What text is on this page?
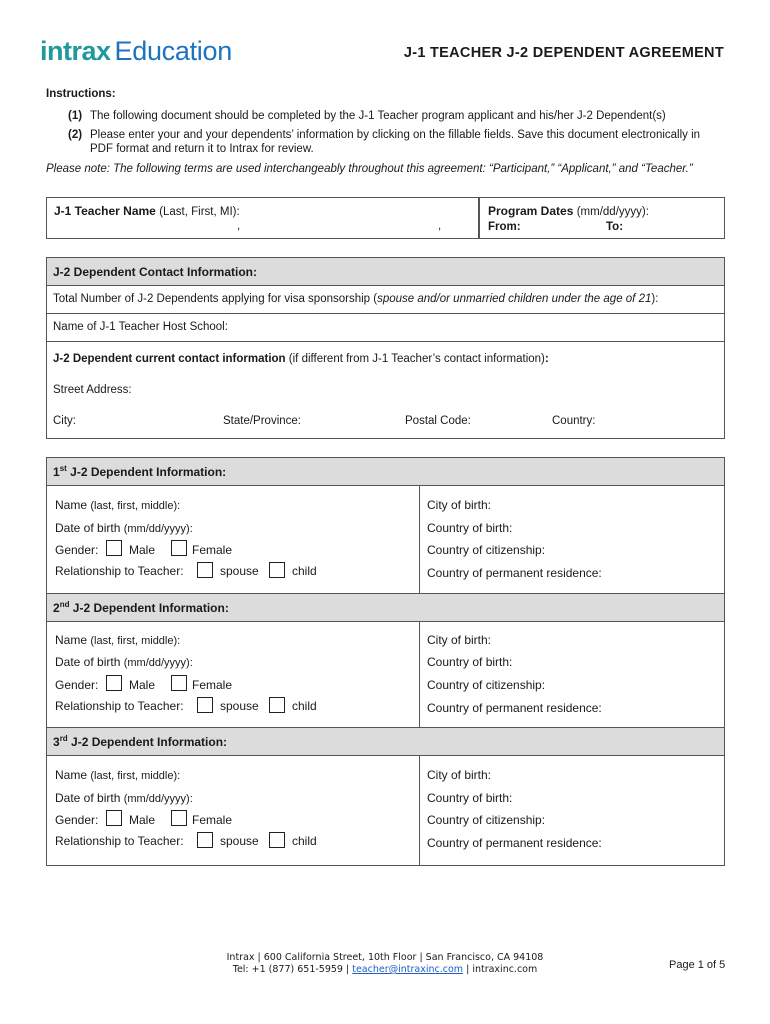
intrax Education	J-1 TEACHER J-2 DEPENDENT AGREEMENT
Instructions:
(1) The following document should be completed by the J-1 Teacher program applicant and his/her J-2 Dependent(s)
(2) Please enter your and your dependents’ information by clicking on the fillable fields. Save this document electronically in PDF format and return it to Intrax for review.
Please note: The following terms are used interchangeably throughout this agreement: “Participant,” “Applicant,” and “Teacher.”
J-1 Teacher Name (Last, First, MI):
,	,
Program Dates (mm/dd/yyyy):
From:	To:
J-2 Dependent Contact Information:
Total Number of J-2 Dependents applying for visa sponsorship (spouse and/or unmarried children under the age of 21):
Name of J-1 Teacher Host School:
J-2 Dependent current contact information (if different from J-1 Teacher’s contact information):
Street Address:
City:	State/Province:	Postal Code:	Country:
1st J-2 Dependent Information:
Name (last, first, middle):
Date of birth (mm/dd/yyyy):
Gender:	Male	Female
Relationship to Teacher:	spouse	child
City of birth:
Country of birth:
Country of citizenship:
Country of permanent residence:
2nd J-2 Dependent Information:
Name (last, first, middle):
Date of birth (mm/dd/yyyy):
Gender:	Male	Female
Relationship to Teacher:	spouse	child
City of birth:
Country of birth:
Country of citizenship:
Country of permanent residence:
3rd J-2 Dependent Information:
Name (last, first, middle):
Date of birth (mm/dd/yyyy):
Gender:	Male	Female
Relationship to Teacher:	spouse	child
City of birth:
Country of birth:
Country of citizenship:
Country of permanent residence:
Intrax | 600 California Street, 10th Floor | San Francisco, CA 94108
Tel: +1 (877) 651-5959 | teacher@intraxinc.com | intraxinc.com	Page 1 of 5
